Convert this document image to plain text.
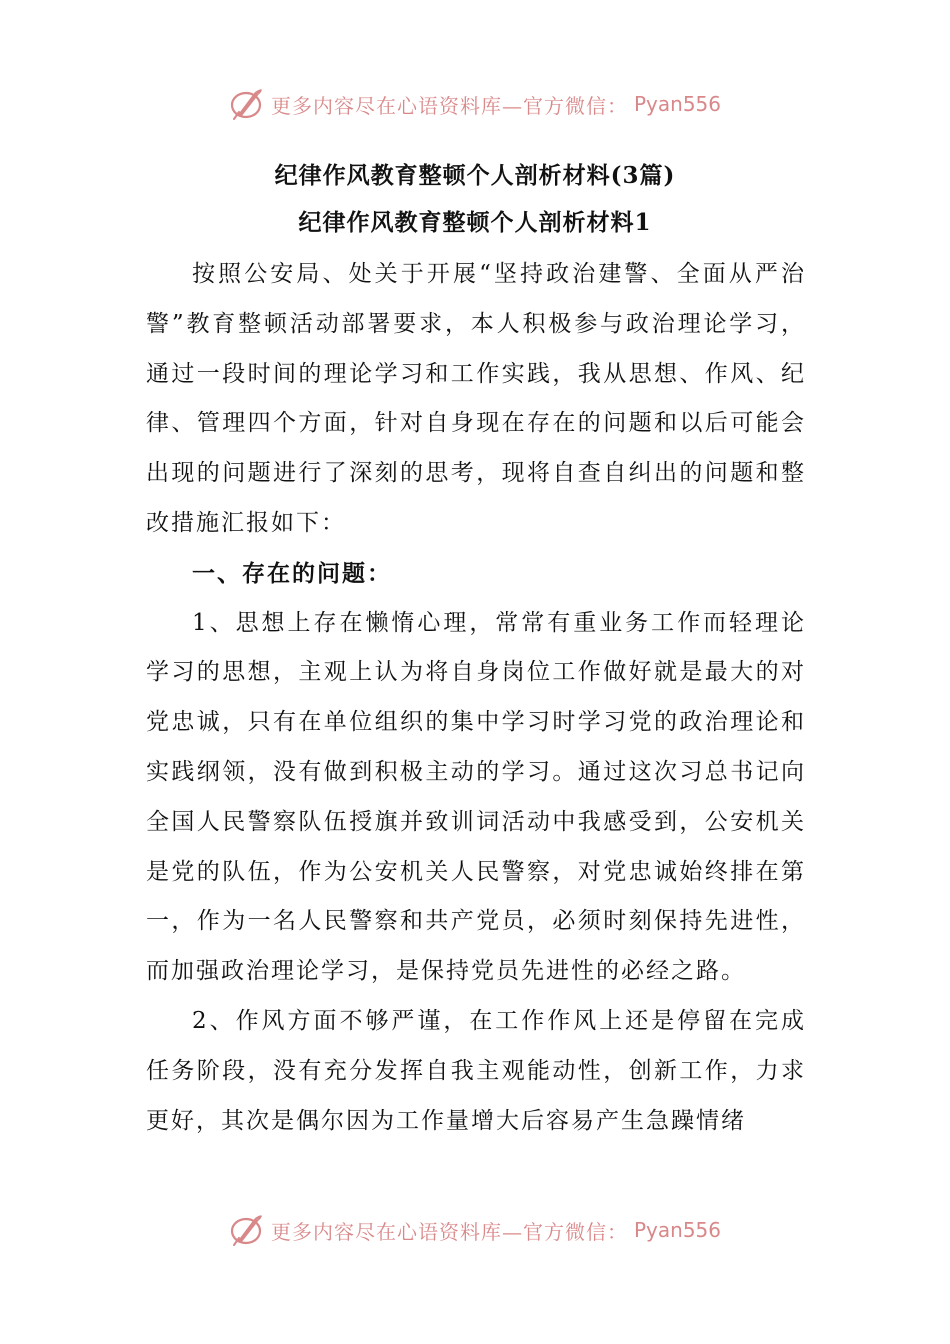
更多内容尽在心语资料库—官方微信： Pyan556
纪律作风教育整顿个人剖析材料(3篇)
纪律作风教育整顿个人剖析材料1

按照公安局、处关于开展“坚持政治建警、全面从严治警”教育整顿活动部署要求，本人积极参与政治理论学习，通过一段时间的理论学习和工作实践，我从思想、作风、纪律、管理四个方面，针对自身现在存在的问题和以后可能会出现的问题进行了深刻的思考，现将自查自纠出的问题和整改措施汇报如下：

一、存在的问题：

1、思想上存在懒惰心理，常常有重业务工作而轻理论学习的思想，主观上认为将自身岗位工作做好就是最大的对党忠诚，只有在单位组织的集中学习时学习党的政治理论和实践纲领，没有做到积极主动的学习。通过这次习总书记向全国人民警察队伍授旗并致训词活动中我感受到，公安机关是党的队伍，作为公安机关人民警察，对党忠诚始终排在第一，作为一名人民警察和共产党员，必须时刻保持先进性，而加强政治理论学习，是保持党员先进性的必经之路。

2、作风方面不够严谨，在工作作风上还是停留在完成任务阶段，没有充分发挥自我主观能动性，创新工作，力求更好，其次是偶尔因为工作量增大后容易产生急躁情绪

更多内容尽在心语资料库—官方微信： Pyan556
